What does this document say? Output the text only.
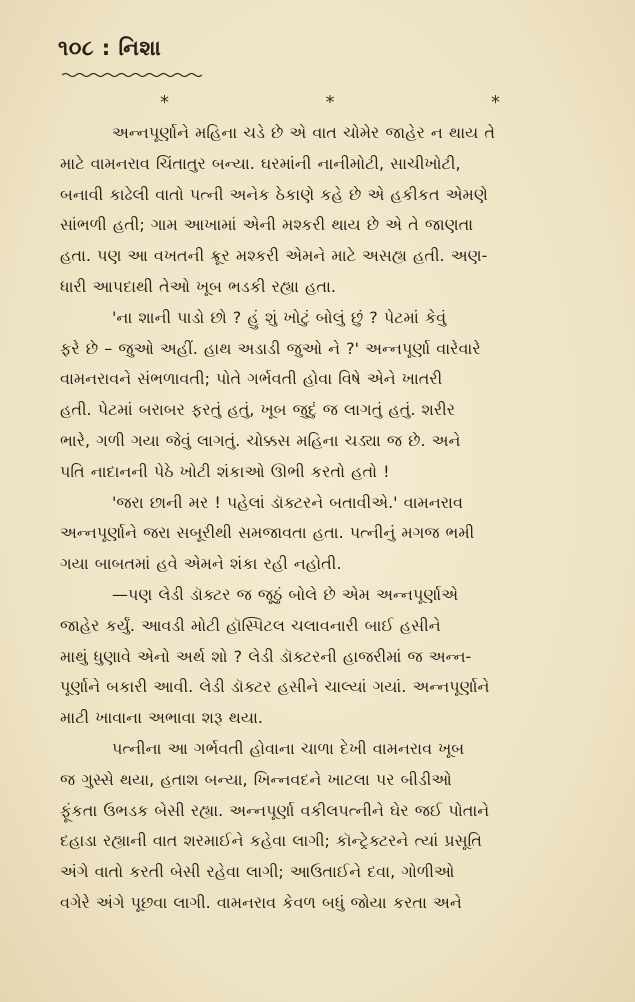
૧૦૮ : નિશા
*	*	*

અન્નપૂર્ણાને મહિના ચડે છે એ વાત ચોમેર જાહેર ન થાય તે
માટે વામનરાવ ચિંતાતુર બન્યા. ઘરમાંની નાનીમોટી, સાચીખોટી,
બનાવી કાઢેલી વાતો પત્ની અનેક ઠેકાણે કહે છે એ હકીકત એમણે
સાંભળી હતી; ગામ આખામાં એની મશ્કરી થાય છે એ તે જાણતા
હતા. પણ આ વખતની ક્રૂર મશ્કરી એમને માટે અસહ્ય હતી. અણ-
ધારી આપદાથી તેઓ ખૂબ ભડકી રહ્યા હતા.

'ના શાની પાડો છો ? હું શું ખોટું બોલું છું ? પેટમાં કેવું
ફરે છે – જુઓ અહીં. હાથ અડાડી જુઓ ને ?' અન્નપૂર્ણા વારેવારે
વામનરાવને સંભળાવતી; પોતે ગર્ભવતી હોવા વિષે એને ખાતરી
હતી. પેટમાં બરાબર ફરતું હતું, ખૂબ જુદું જ લાગતું હતું. શરીર
ભારે, ગળી ગયા જેવું લાગતું. ચોક્કસ મહિના ચડ્યા જ છે. અને
પતિ નાદાનની પેઠે ખોટી શંકાઓ ઊભી કરતો હતો !

'જરા છાની મર ! પહેલાં ડૉક્ટરને બતાવીએ.' વામનરાવ
અન્નપૂર્ણાને જરા સબૂરીથી સમજાવતા હતા. પત્નીનું મગજ ભમી
ગયા બાબતમાં હવે એમને શંકા રહી નહોતી.

—પણ લેડી ડૉક્ટર જ જૂઠું બોલે છે એમ અન્નપૂર્ણાએ
જાહેર કર્યું. આવડી મોટી હૉસ્પિટલ ચલાવનારી બાઈ હસીને
માથું ધુણાવે એનો અર્થ શો ? લેડી ડૉક્ટરની હાજરીમાં જ અન્ન-
પૂર્ણાને બકારી આવી. લેડી ડૉક્ટર હસીને ચાલ્યાં ગયાં. અન્નપૂર્ણાને
માટી ખાવાના અભાવા શરૂ થયા.

પત્નીના આ ગર્ભવતી હોવાના ચાળા દેખી વામનરાવ ખૂબ
જ ગુસ્સે થયા, હતાશ બન્યા, ખિન્નવદને ખાટલા પર બીડીઓ
ફૂંકતા ઉભડક બેસી રહ્યા. અન્નપૂર્ણા વકીલપત્નીને ઘેર જઈ પોતાને
દહાડા રહ્યાની વાત શરમાઈને કહેવા લાગી; કૉન્ટ્રેક્ટરને ત્યાં પ્રસૂતિ
અંગે વાતો કરતી બેસી રહેવા લાગી; આઉતાઈને દવા, ગોળીઓ
વગેરે અંગે પૂછવા લાગી. વામનરાવ કેવળ બધું જોયા કરતા અને
